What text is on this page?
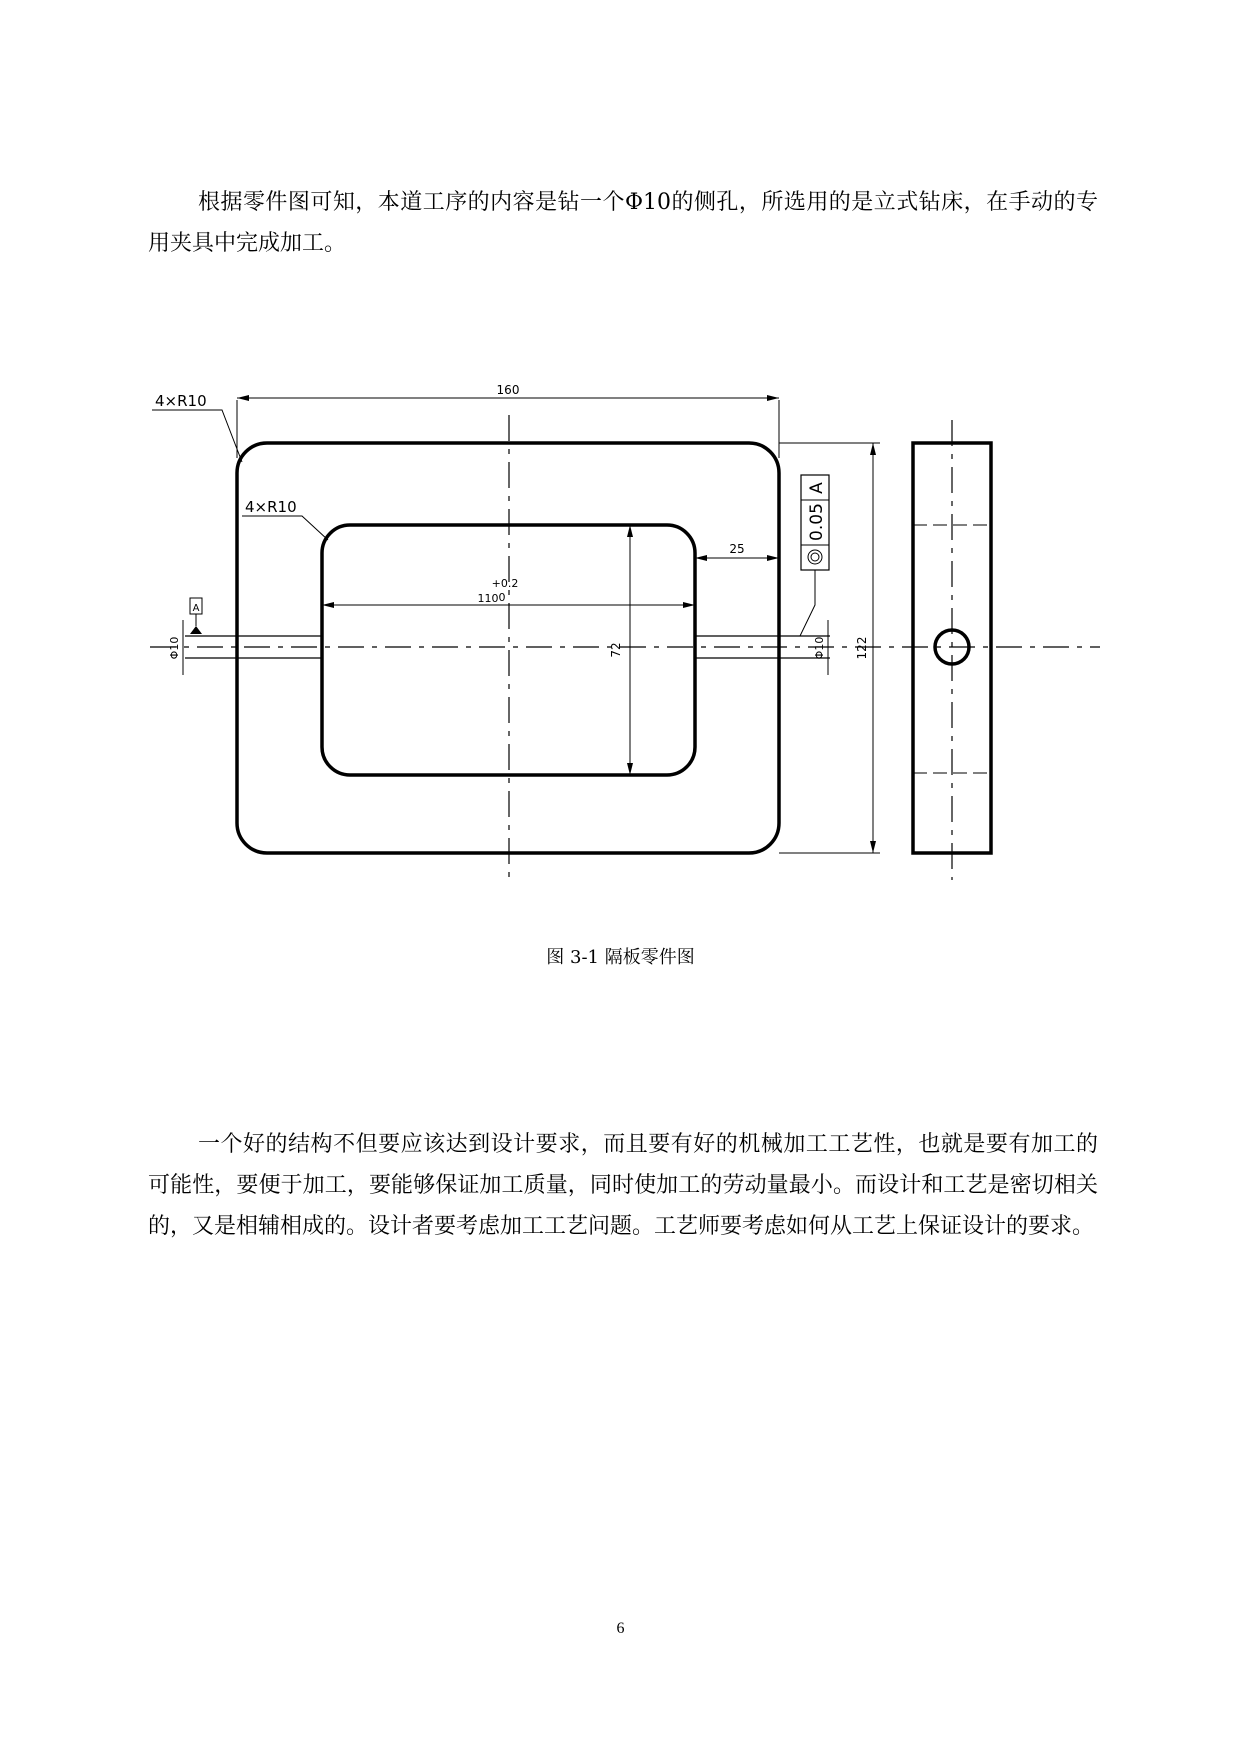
根据零件图可知，本道工序的内容是钻一个Φ10的侧孔，所选用的是立式钻床，在手动的专用夹具中完成加工。

160
4×R10
4×R10
25
110
+0.2
0
72	122
Φ10	Φ10
A
0.05
A
图 3-1 隔板零件图

一个好的结构不但要应该达到设计要求，而且要有好的机械加工工艺性，也就是要有加工的可能性，要便于加工，要能够保证加工质量，同时使加工的劳动量最小。而设计和工艺是密切相关的，又是相辅相成的。设计者要考虑加工工艺问题。工艺师要考虑如何从工艺上保证设计的要求。

6
